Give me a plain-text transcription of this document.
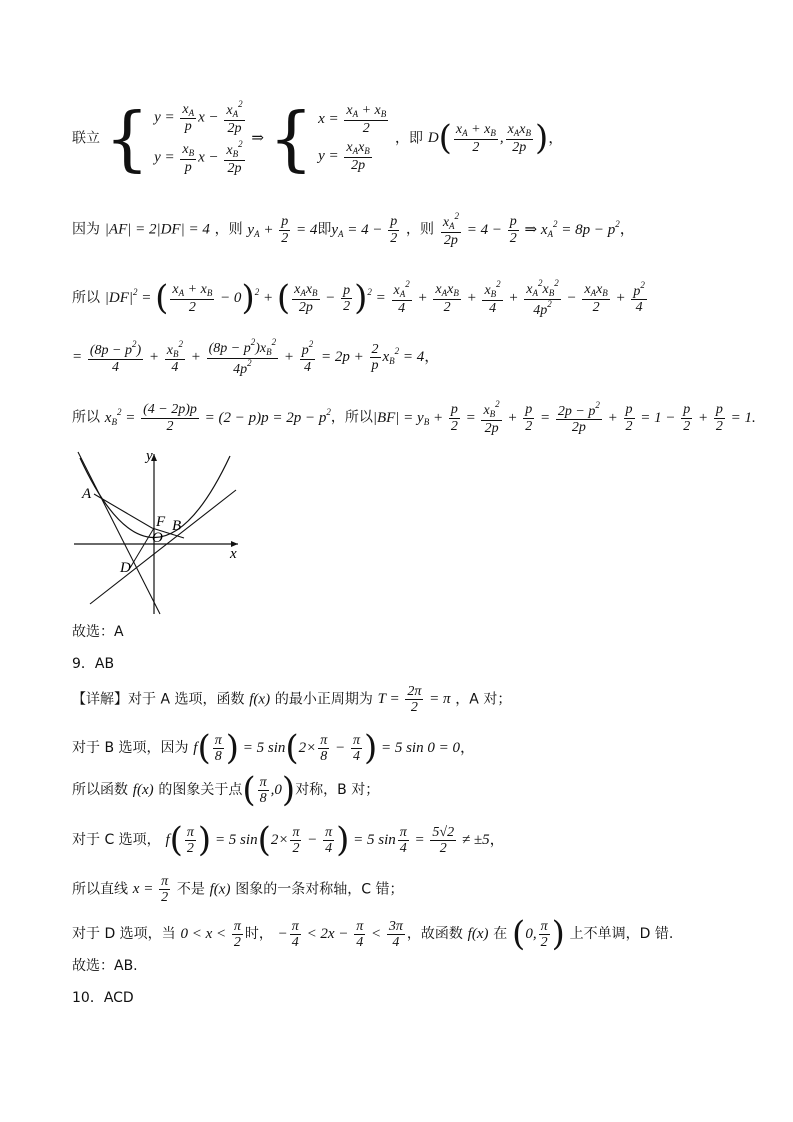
联立 { $y = \frac{x_A}{p}$ $x - \frac{x_A^2}{2p}$
$y = \frac{x_B}{p}$ $x - \frac{x_B^2}{2p}$
⇒ { $x = \frac{x_A + x_B}{2}$
$y = \frac{x_Ax_B}{2p}$
，即 $D( \frac{x_A + x_B}{2}$ , $\frac{x_Ax_B}{2p}$ )，
因为 |AF| = 2|DF| = 4 ，则 $y_A + \frac{p}{2} = 4$即$y_A = 4 - \frac{p}{2}$ ，则 $\frac{x_A^2}{2p} = 4 - \frac{p}{2}$ ⇒ $x_A^2 = 8p - p^2$，
所以 $|DF|^2$ = ( $\frac{x_A + x_B}{2} - 0)^2$ + ( $\frac{x_Ax_B}{2p} - \frac{p}{2} )^2 = \frac{x_A^2}{4} + \frac{x_Ax_B}{2} + \frac{x_B^2}{4} + \frac{x_A^2x_B^2}{4p^2} - \frac{x_Ax_B}{2} + \frac{p^2}{4}$
= $\frac{(8p - p^2)}{4} + \frac{x_B^2}{4} + \frac{(8p - p^2)x_B^2}{4p^2} + \frac{p^2}{4} = 2p + \frac{2}{p} x_B^2 = 4$，
所以 $x_B^2 = \frac{(4 - 2p)p}{2} = (2 - p)p = 2p - p^2$，所以$|BF| = y_B + \frac{p}{2} = \frac{x_B^2}{2p} + \frac{p}{2} = \frac{2p - p^2}{2p} + \frac{p}{2} = 1 - \frac{p}{2} + \frac{p}{2} = 1$.
y
x
A
B
F
O
D
故选：A
9．AB
【详解】对于 A 选项，函数 f(x) 的最小正周期为 $T = \frac{2\pi}{2} = \pi$ ，A 对；
对于 B 选项，因为 $f( \frac{\pi}{8}$ ) = 5 $\sin(2\times \frac{\pi}{8} - \frac{\pi}{4}$ ) = 5 sin 0 = 0，
所以函数 f(x) 的图象关于点( $\frac{\pi}{8} ,0$)对称，B 对；
对于 C 选项， $f( \frac{\pi}{2}$ ) = 5 $\sin(2\times \frac{\pi}{2} - \frac{\pi}{4}$ ) = 5 $\sin \frac{\pi}{4} = \frac{5√2}{2} \ne \pm 5$，
所以直线 $x = \frac{\pi}{2}$ 不是 f(x) 图象的一条对称轴，C 错；
对于 D 选项，当 $0 < x < \frac{\pi}{2}$ 时， − $\frac{\pi}{4} < 2x - \frac{\pi}{4} < \frac{3\pi}{4}$ ，故函数 f(x) 在 (0, $\frac{\pi}{2}$ ) 上不单调，D 错.
故选：AB.
10．ACD
